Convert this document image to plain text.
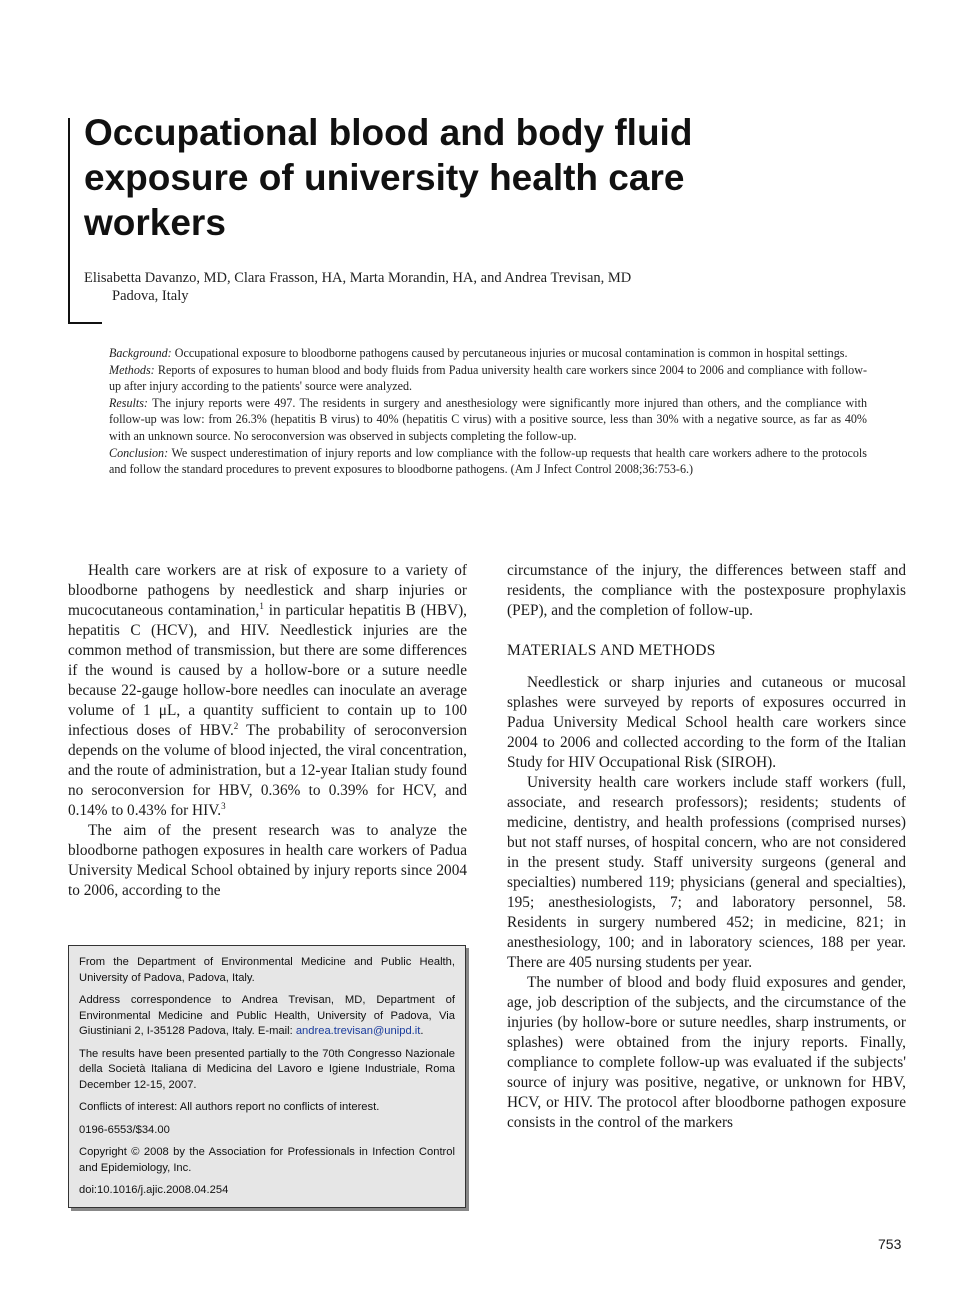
Occupational blood and body fluid exposure of university health care workers
Elisabetta Davanzo, MD, Clara Frasson, HA, Marta Morandin, HA, and Andrea Trevisan, MD
Padova, Italy

Background: Occupational exposure to bloodborne pathogens caused by percutaneous injuries or mucosal contamination is common in hospital settings.

Methods: Reports of exposures to human blood and body fluids from Padua university health care workers since 2004 to 2006 and compliance with follow-up after injury according to the patients' source were analyzed.

Results: The injury reports were 497. The residents in surgery and anesthesiology were significantly more injured than others, and the compliance with follow-up was low: from 26.3% (hepatitis B virus) to 40% (hepatitis C virus) with a positive source, less than 30% with a negative source, as far as 40% with an unknown source. No seroconversion was observed in subjects completing the follow-up.

Conclusion: We suspect underestimation of injury reports and low compliance with the follow-up requests that health care workers adhere to the protocols and follow the standard procedures to prevent exposures to bloodborne pathogens. (Am J Infect Control 2008;36:753-6.)

Health care workers are at risk of exposure to a variety of bloodborne pathogens by needlestick and sharp injuries or mucocutaneous contamination,$^1$ in particular hepatitis B (HBV), hepatitis C (HCV), and HIV. Needlestick injuries are the common method of transmission, but there are some differences if the wound is caused by a hollow-bore or a suture needle because 22-gauge hollow-bore needles can inoculate an average volume of 1 μL, a quantity sufficient to contain up to 100 infectious doses of HBV.$^2$ The probability of seroconversion depends on the volume of blood injected, the viral concentration, and the route of administration, but a 12-year Italian study found no seroconversion for HBV, 0.36% to 0.39% for HCV, and 0.14% to 0.43% for HIV.$^3$

The aim of the present research was to analyze the bloodborne pathogen exposures in health care workers of Padua University Medical School obtained by injury reports since 2004 to 2006, according to the

circumstance of the injury, the differences between staff and residents, the compliance with the postexposure prophylaxis (PEP), and the completion of follow-up.

MATERIALS AND METHODS

Needlestick or sharp injuries and cutaneous or mucosal splashes were surveyed by reports of exposures occurred in Padua University Medical School health care workers since 2004 to 2006 and collected according to the form of the Italian Study for HIV Occupational Risk (SIROH).

University health care workers include staff workers (full, associate, and research professors); residents; students of medicine, dentistry, and health professions (comprised nurses) but not staff nurses, of hospital concern, who are not considered in the present study. Staff university surgeons (general and specialties) numbered 119; physicians (general and specialties), 195; anesthesiologists, 7; and laboratory personnel, 58. Residents in surgery numbered 452; in medicine, 821; in anesthesiology, 100; and in laboratory sciences, 188 per year. There are 405 nursing students per year.

The number of blood and body fluid exposures and gender, age, job description of the subjects, and the circumstance of the injuries (by hollow-bore or suture needles, sharp instruments, or splashes) were obtained from the injury reports. Finally, compliance to complete follow-up was evaluated if the subjects' source of injury was positive, negative, or unknown for HBV, HCV, or HIV. The protocol after bloodborne pathogen exposure consists in the control of the markers

From the Department of Environmental Medicine and Public Health, University of Padova, Padova, Italy.

Address correspondence to Andrea Trevisan, MD, Department of Environmental Medicine and Public Health, University of Padova, Via Giustiniani 2, I-35128 Padova, Italy. E-mail: andrea.trevisan@unipd.it.

The results have been presented partially to the 70th Congresso Nazionale della Società Italiana di Medicina del Lavoro e Igiene Industriale, Roma December 12-15, 2007.

Conflicts of interest: All authors report no conflicts of interest.

0196-6553/$34.00

Copyright © 2008 by the Association for Professionals in Infection Control and Epidemiology, Inc.

doi:10.1016/j.ajic.2008.04.254

753
